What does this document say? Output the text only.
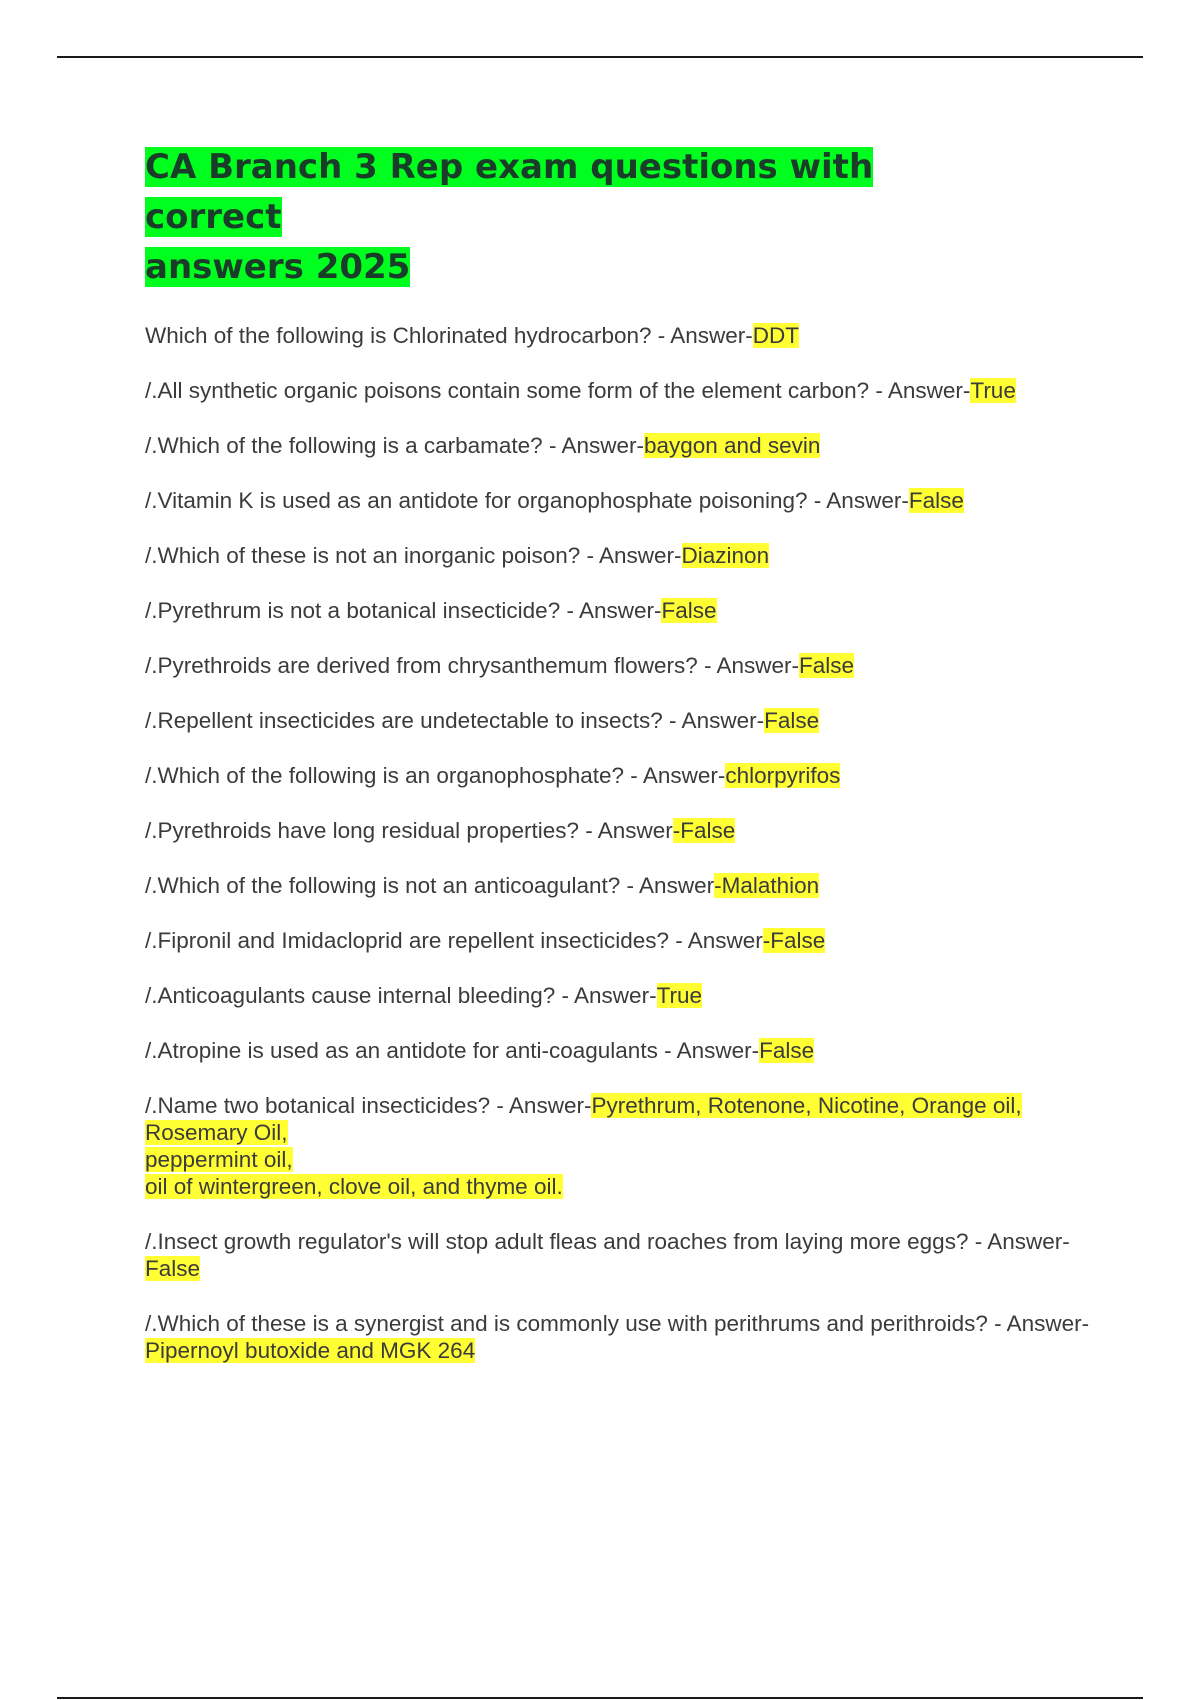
CA Branch 3 Rep exam questions with correct
answers 2025
Which of the following is Chlorinated hydrocarbon? - Answer-DDT
/.All synthetic organic poisons contain some form of the element carbon? - Answer-True
/.Which of the following is a carbamate? - Answer-baygon and sevin
/.Vitamin K is used as an antidote for organophosphate poisoning? - Answer-False
/.Which of these is not an inorganic poison? - Answer-Diazinon
/.Pyrethrum is not a botanical insecticide? - Answer-False
/.Pyrethroids are derived from chrysanthemum flowers? - Answer-False
/.Repellent insecticides are undetectable to insects? - Answer-False
/.Which of the following is an organophosphate? - Answer-chlorpyrifos
/.Pyrethroids have long residual properties? - Answer-False
/.Which of the following is not an anticoagulant? - Answer-Malathion
/.Fipronil and Imidacloprid are repellent insecticides? - Answer-False
/.Anticoagulants cause internal bleeding? - Answer-True
/.Atropine is used as an antidote for anti-coagulants - Answer-False
/.Name two botanical insecticides? - Answer-Pyrethrum, Rotenone, Nicotine, Orange oil, Rosemary Oil,
peppermint oil,
oil of wintergreen, clove oil, and thyme oil.
/.Insect growth regulator's will stop adult fleas and roaches from laying more eggs? - Answer-False
/.Which of these is a synergist and is commonly use with perithrums and perithroids? - Answer-Pipernoyl butoxide and MGK 264
